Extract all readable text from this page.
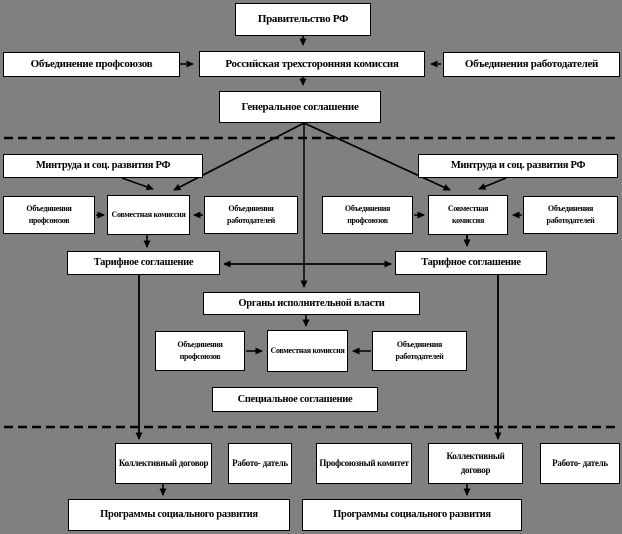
Правительство РФ
Объединение профсоюзов	Российская трехсторонняя комиссия	Объединения работодателей
Генеральное соглашение
Минтруда и соц. развития РФ	Минтруда и соц. развития РФ
Объединения профсоюзов
Совместная комиссия
Объединения работодателей
Объединения профсоюзов
Совместная комиссия
Объединения работодателей
Тарифное соглашение	Тарифное соглашение
Органы исполнительной власти
Объединения профсоюзов
Совместная комиссия
Объединения работодателей
Специальное соглашение
Коллективный договор	Работо- датель	Профсоюзный комитет
Коллективный договор
Работо- датель
Программы социального развития	Программы социального развития
